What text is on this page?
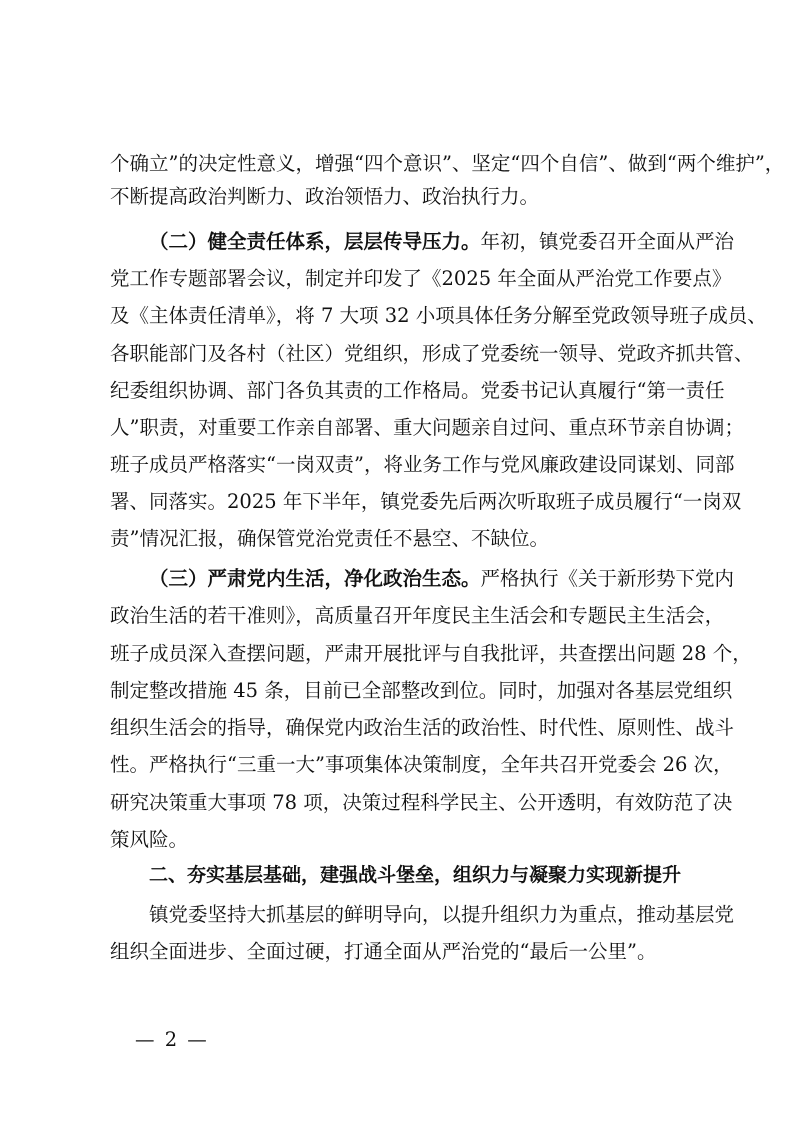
个确立”的决定性意义，增强“四个意识”、坚定“四个自信”、做到“两个维护”，
不断提高政治判断力、政治领悟力、政治执行力。
（二）健全责任体系，层层传导压力。年初，镇党委召开全面从严治
党工作专题部署会议，制定并印发了《2025 年全面从严治党工作要点》
及《主体责任清单》，将 7 大项 32 小项具体任务分解至党政领导班子成员、
各职能部门及各村（社区）党组织，形成了党委统一领导、党政齐抓共管、
纪委组织协调、部门各负其责的工作格局。党委书记认真履行“第一责任
人”职责，对重要工作亲自部署、重大问题亲自过问、重点环节亲自协调；
班子成员严格落实“一岗双责”，将业务工作与党风廉政建设同谋划、同部
署、同落实。2025 年下半年，镇党委先后两次听取班子成员履行“一岗双
责”情况汇报，确保管党治党责任不悬空、不缺位。
（三）严肃党内生活，净化政治生态。严格执行《关于新形势下党内
政治生活的若干准则》，高质量召开年度民主生活会和专题民主生活会，
班子成员深入查摆问题，严肃开展批评与自我批评，共查摆出问题 28 个，
制定整改措施 45 条，目前已全部整改到位。同时，加强对各基层党组织
组织生活会的指导，确保党内政治生活的政治性、时代性、原则性、战斗
性。严格执行“三重一大”事项集体决策制度，全年共召开党委会 26 次，
研究决策重大事项 78 项，决策过程科学民主、公开透明，有效防范了决
策风险。
二、夯实基层基础，建强战斗堡垒，组织力与凝聚力实现新提升
镇党委坚持大抓基层的鲜明导向，以提升组织力为重点，推动基层党
组织全面进步、全面过硬，打通全面从严治党的“最后一公里”。
— 2 —
